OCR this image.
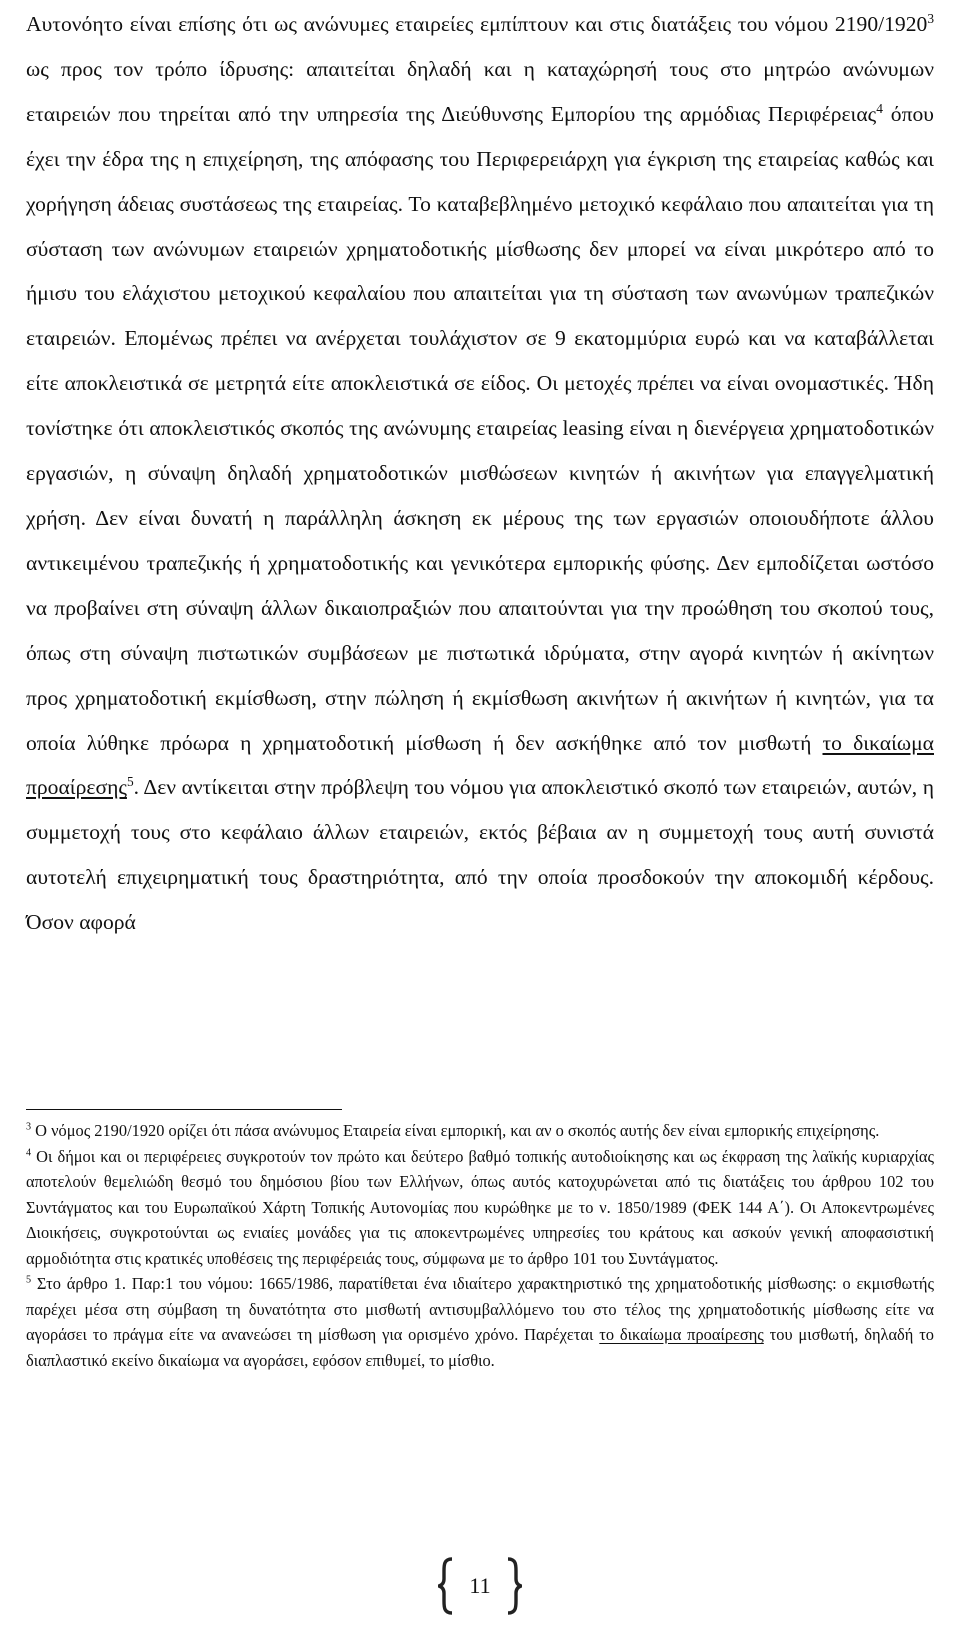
Αυτονόητο είναι επίσης ότι ως ανώνυμες εταιρείες εμπίπτουν και στις διατάξεις του νόμου 2190/1920$^3$ ως προς τον τρόπο ίδρυσης: απαιτείται δηλαδή και η καταχώρησή τους στο μητρώο ανώνυμων εταιρειών που τηρείται από την υπηρεσία της Διεύθυνσης Εμπορίου της αρμόδιας Περιφέρειας$^4$ όπου έχει την έδρα της η επιχείρηση, της απόφασης του Περιφερειάρχη για έγκριση της εταιρείας καθώς και χορήγηση άδειας συστάσεως της εταιρείας. Το καταβεβλημένο μετοχικό κεφάλαιο που απαιτείται για τη σύσταση των ανώνυμων εταιρειών χρηματοδοτικής μίσθωσης δεν μπορεί να είναι μικρότερο από το ήμισυ του ελάχιστου μετοχικού κεφαλαίου που απαιτείται για τη σύσταση των ανωνύμων τραπεζικών εταιρειών. Επομένως πρέπει να ανέρχεται τουλάχιστον σε 9 εκατομμύρια ευρώ και να καταβάλλεται είτε αποκλειστικά σε μετρητά είτε αποκλειστικά σε είδος. Οι μετοχές πρέπει να είναι ονομαστικές. Ήδη τονίστηκε ότι αποκλειστικός σκοπός της ανώνυμης εταιρείας leasing είναι η διενέργεια χρηματοδοτικών εργασιών, η σύναψη δηλαδή χρηματοδοτικών μισθώσεων κινητών ή ακινήτων για επαγγελματική χρήση. Δεν είναι δυνατή η παράλληλη άσκηση εκ μέρους της των εργασιών οποιουδήποτε άλλου αντικειμένου τραπεζικής ή χρηματοδοτικής και γενικότερα εμπορικής φύσης. Δεν εμποδίζεται ωστόσο να προβαίνει στη σύναψη άλλων δικαιοπραξιών που απαιτούνται για την προώθηση του σκοπού τους, όπως στη σύναψη πιστωτικών συμβάσεων με πιστωτικά ιδρύματα, στην αγορά κινητών ή ακίνητων προς χρηματοδοτική εκμίσθωση, στην πώληση ή εκμίσθωση ακινήτων ή ακινήτων ή κινητών, για τα οποία λύθηκε πρόωρα η χρηματοδοτική μίσθωση ή δεν ασκήθηκε από τον μισθωτή το δικαίωμα προαίρεσης$^5$. Δεν αντίκειται στην πρόβλεψη του νόμου για αποκλειστικό σκοπό των εταιρειών, αυτών, η συμμετοχή τους στο κεφάλαιο άλλων εταιρειών, εκτός βέβαια αν η συμμετοχή τους αυτή συνιστά αυτοτελή επιχειρηματική τους δραστηριότητα, από την οποία προσδοκούν την αποκομιδή κέρδους. Όσον αφορά

$^3$ Ο νόμος 2190/1920 ορίζει ότι πάσα ανώνυμος Εταιρεία είναι εμπορική, και αν ο σκοπός αυτής δεν είναι εμπορικής επιχείρησης.

$^4$ Οι δήμοι και οι περιφέρειες συγκροτούν τον πρώτο και δεύτερο βαθμό τοπικής αυτοδιοίκησης και ως έκφραση της λαϊκής κυριαρχίας αποτελούν θεμελιώδη θεσμό του δημόσιου βίου των Ελλήνων, όπως αυτός κατοχυρώνεται από τις διατάξεις του άρθρου 102 του Συντάγματος και του Ευρωπαϊκού Χάρτη Τοπικής Αυτονομίας που κυρώθηκε με το ν. 1850/1989 (ΦΕΚ 144 Α΄). Οι Αποκεντρωμένες Διοικήσεις, συγκροτούνται ως ενιαίες μονάδες για τις αποκεντρωμένες υπηρεσίες του κράτους και ασκούν γενική αποφασιστική αρμοδιότητα στις κρατικές υποθέσεις της περιφέρειάς τους, σύμφωνα με το άρθρο 101 του Συντάγματος.

$^5$ Στο άρθρο 1. Παρ:1 του νόμου: 1665/1986, παρατίθεται ένα ιδιαίτερο χαρακτηριστικό της χρηματοδοτικής μίσθωσης: ο εκμισθωτής παρέχει μέσα στη σύμβαση τη δυνατότητα στο μισθωτή αντισυμβαλλόμενο του στο τέλος της χρηματοδοτικής μίσθωσης είτε να αγοράσει το πράγμα είτε να ανανεώσει τη μίσθωση για ορισμένο χρόνο. Παρέχεται το δικαίωμα προαίρεσης του μισθωτή, δηλαδή το διαπλαστικό εκείνο δικαίωμα να αγοράσει, εφόσον επιθυμεί, το μίσθιο.

11
